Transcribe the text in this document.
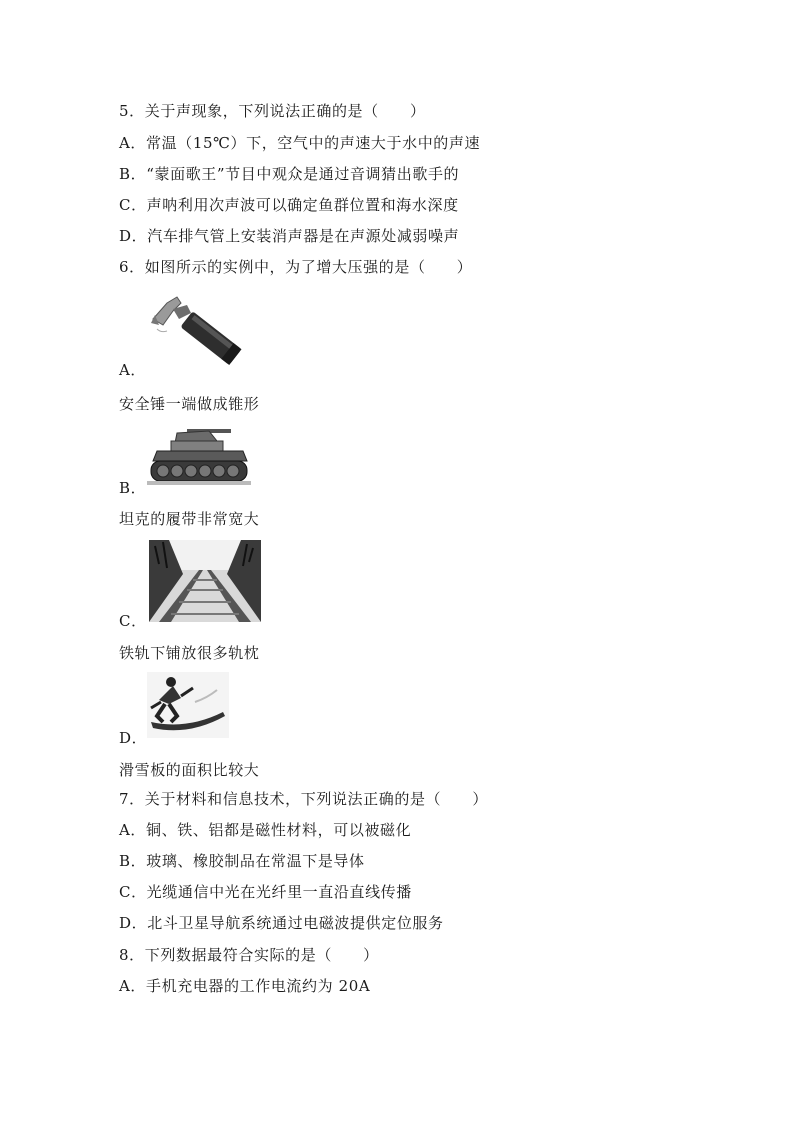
5．关于声现象，下列说法正确的是（　　）
A．常温（15℃）下，空气中的声速大于水中的声速
B．“蒙面歌王”节目中观众是通过音调猜出歌手的
C．声呐利用次声波可以确定鱼群位置和海水深度
D．汽车排气管上安装消声器是在声源处减弱噪声
6．如图所示的实例中，为了增大压强的是（　　）
A．
安全锤一端做成锥形
B．
坦克的履带非常宽大
C．
铁轨下铺放很多轨枕
D．
滑雪板的面积比较大
7．关于材料和信息技术，下列说法正确的是（　　）
A．铜、铁、铝都是磁性材料，可以被磁化
B．玻璃、橡胶制品在常温下是导体
C．光缆通信中光在光纤里一直沿直线传播
D．北斗卫星导航系统通过电磁波提供定位服务
8．下列数据最符合实际的是（　　）
A．手机充电器的工作电流约为 20A
